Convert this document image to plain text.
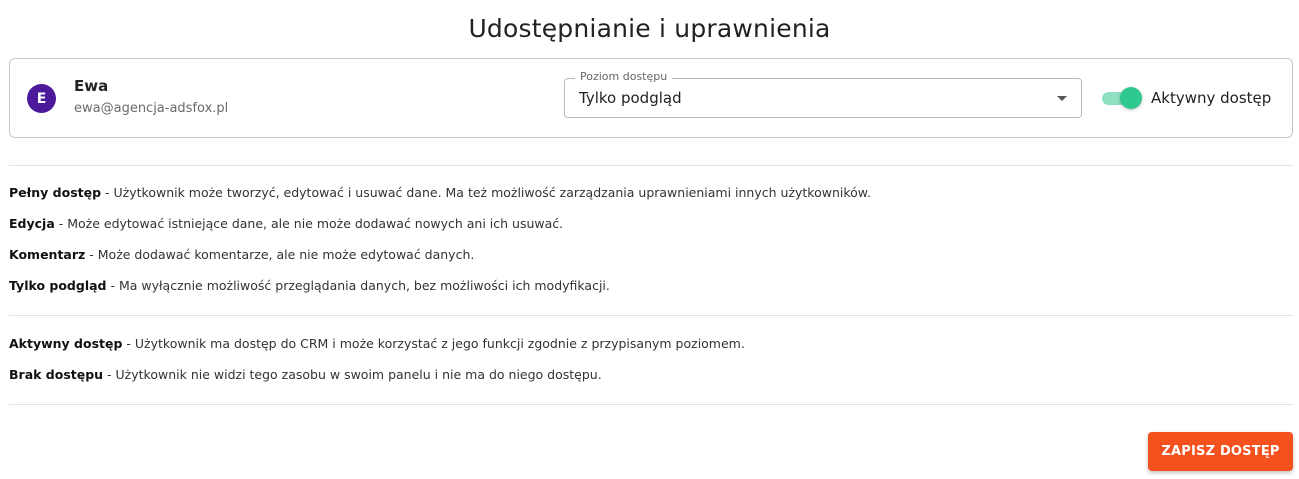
Udostępnianie i uprawnienia
E
Ewa
ewa@agencja-adsfox.pl
Poziom dostępu
Tylko podgląd	Aktywny dostęp
Pełny dostęp - Użytkownik może tworzyć, edytować i usuwać dane. Ma też możliwość zarządzania uprawnieniami innych użytkowników.
Edycja - Może edytować istniejące dane, ale nie może dodawać nowych ani ich usuwać.
Komentarz - Może dodawać komentarze, ale nie może edytować danych.
Tylko podgląd - Ma wyłącznie możliwość przeglądania danych, bez możliwości ich modyfikacji.
Aktywny dostęp - Użytkownik ma dostęp do CRM i może korzystać z jego funkcji zgodnie z przypisanym poziomem.
Brak dostępu - Użytkownik nie widzi tego zasobu w swoim panelu i nie ma do niego dostępu.
ZAPISZ DOSTĘP
